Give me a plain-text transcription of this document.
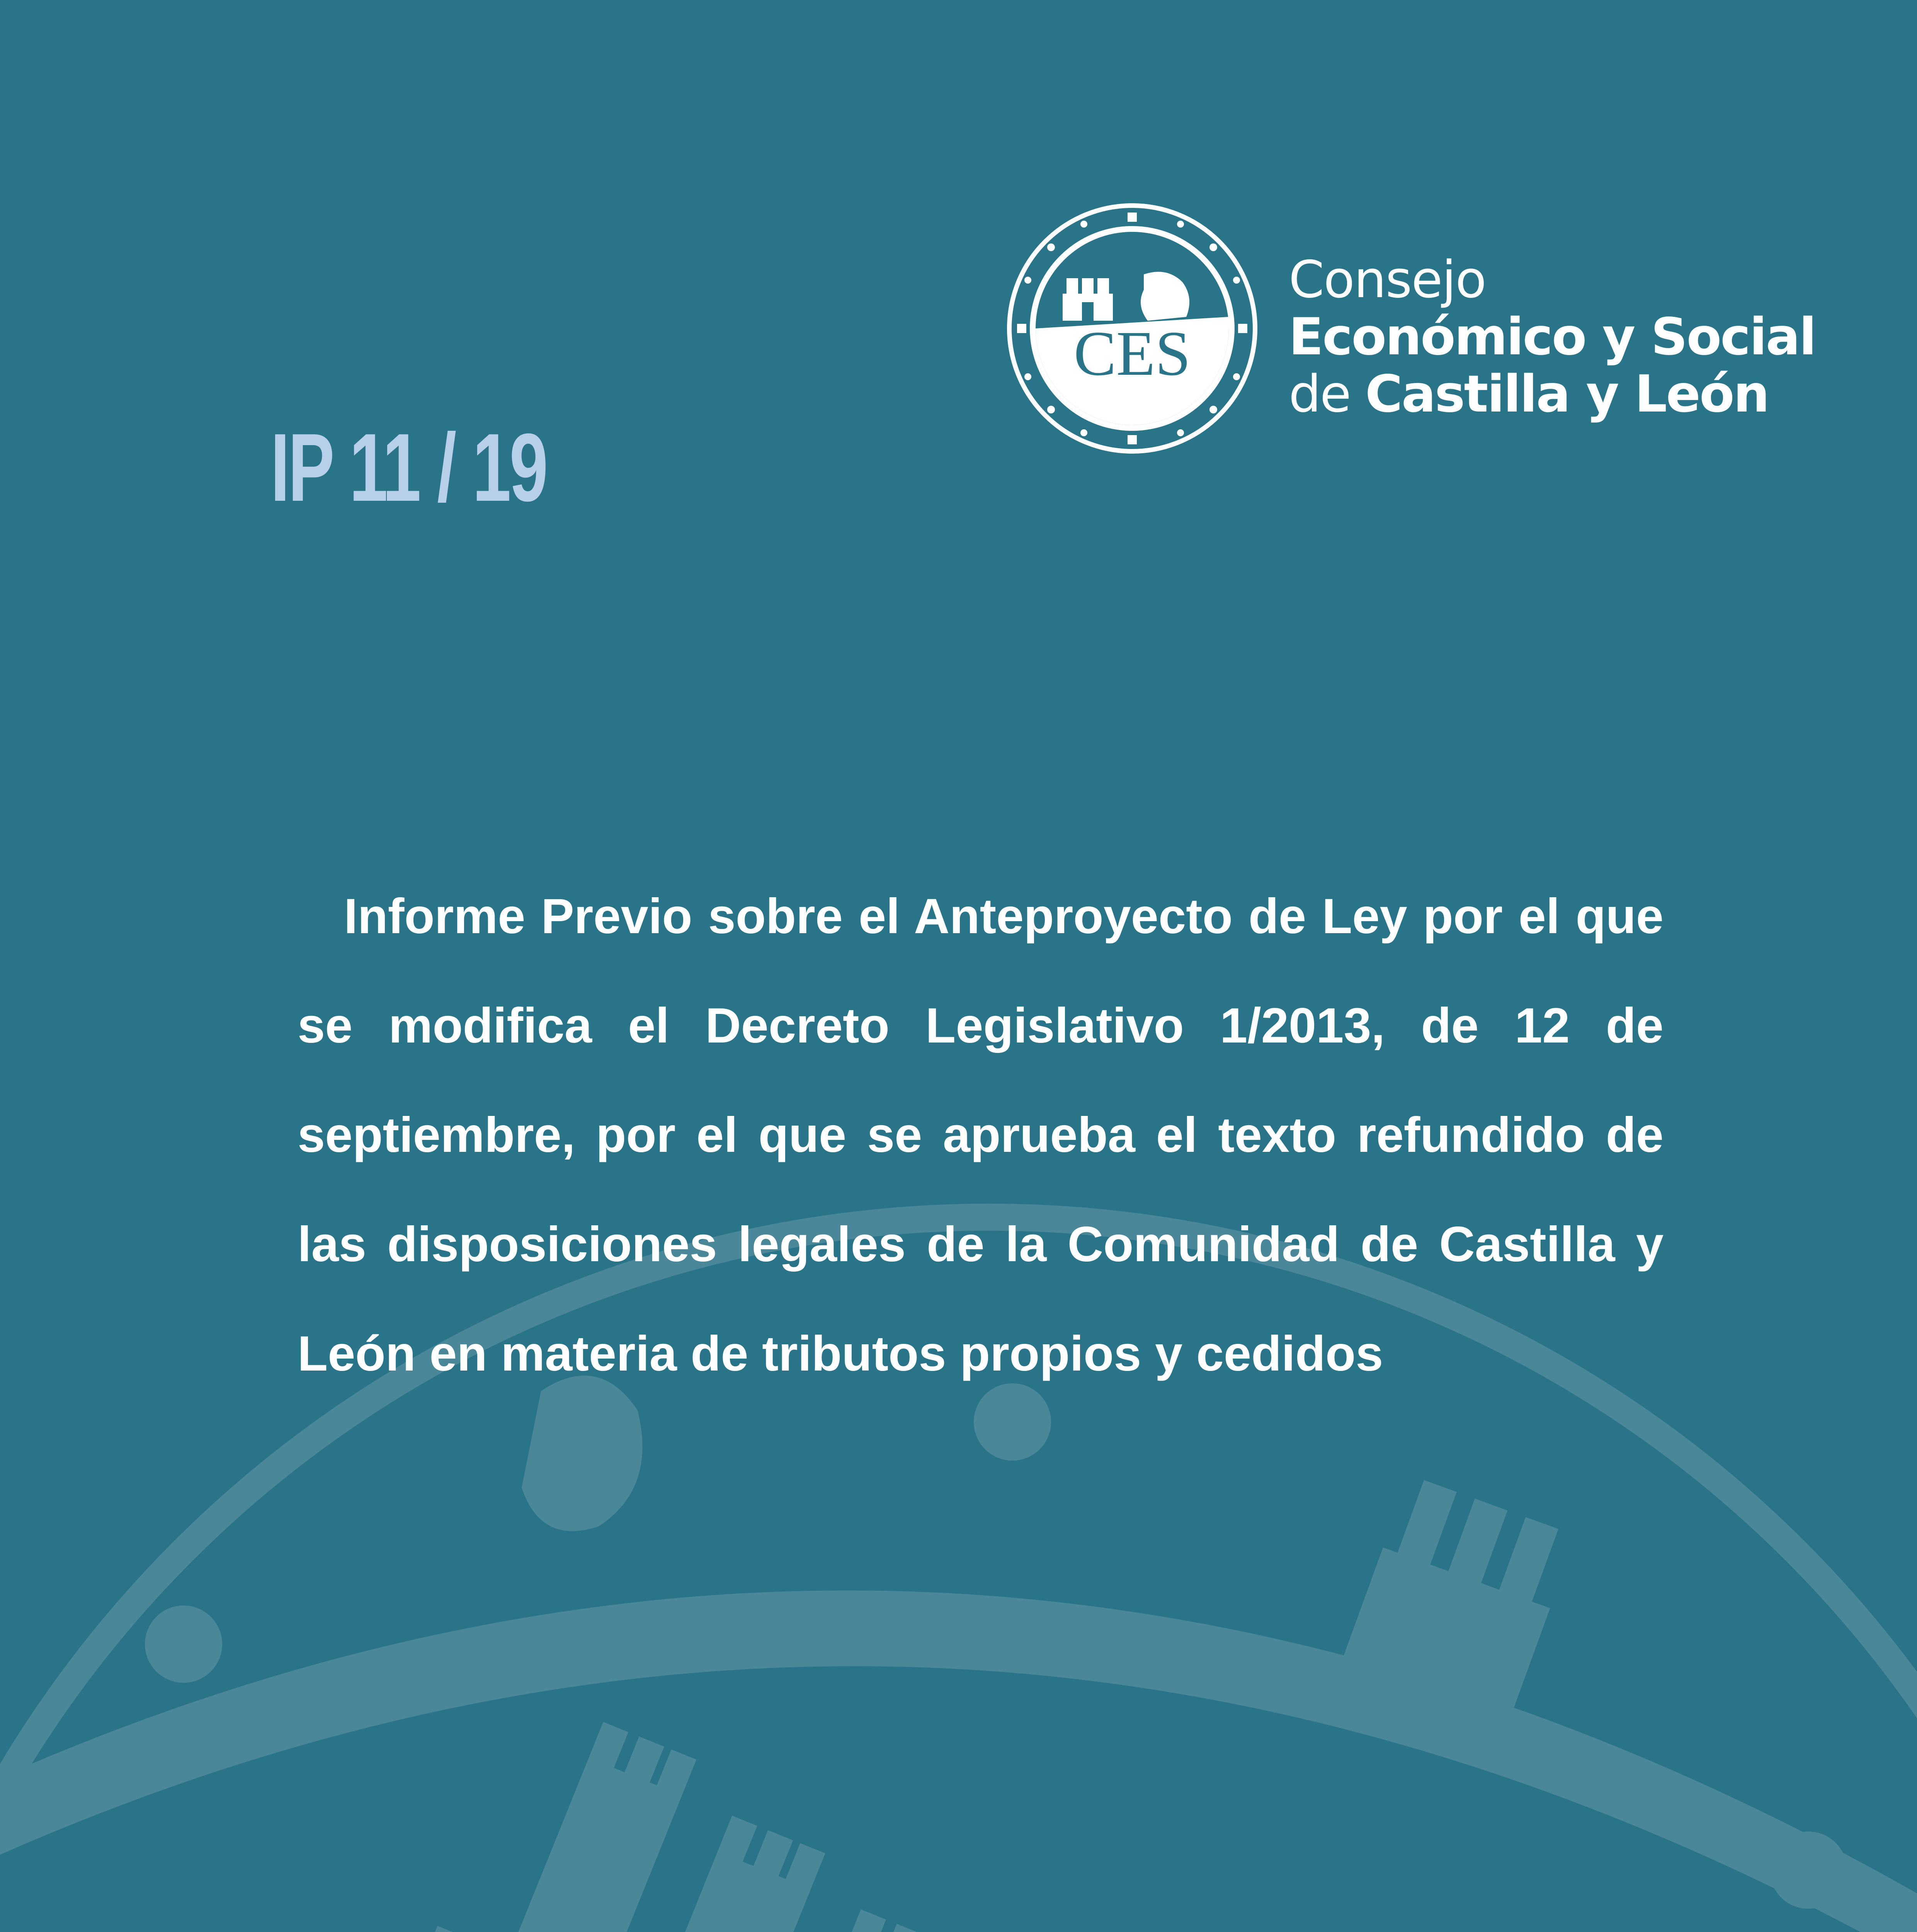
IP 11 / 19
CES
Consejo
Económico y Social
de Castilla y León

Informe Previo sobre el Anteproyecto de Ley por el que se modifica el Decreto Legislativo 1/2013, de 12 de septiembre, por el que se aprueba el texto refundido de las disposiciones legales de la Comunidad de Castilla y León en materia de tributos propios y cedidos
